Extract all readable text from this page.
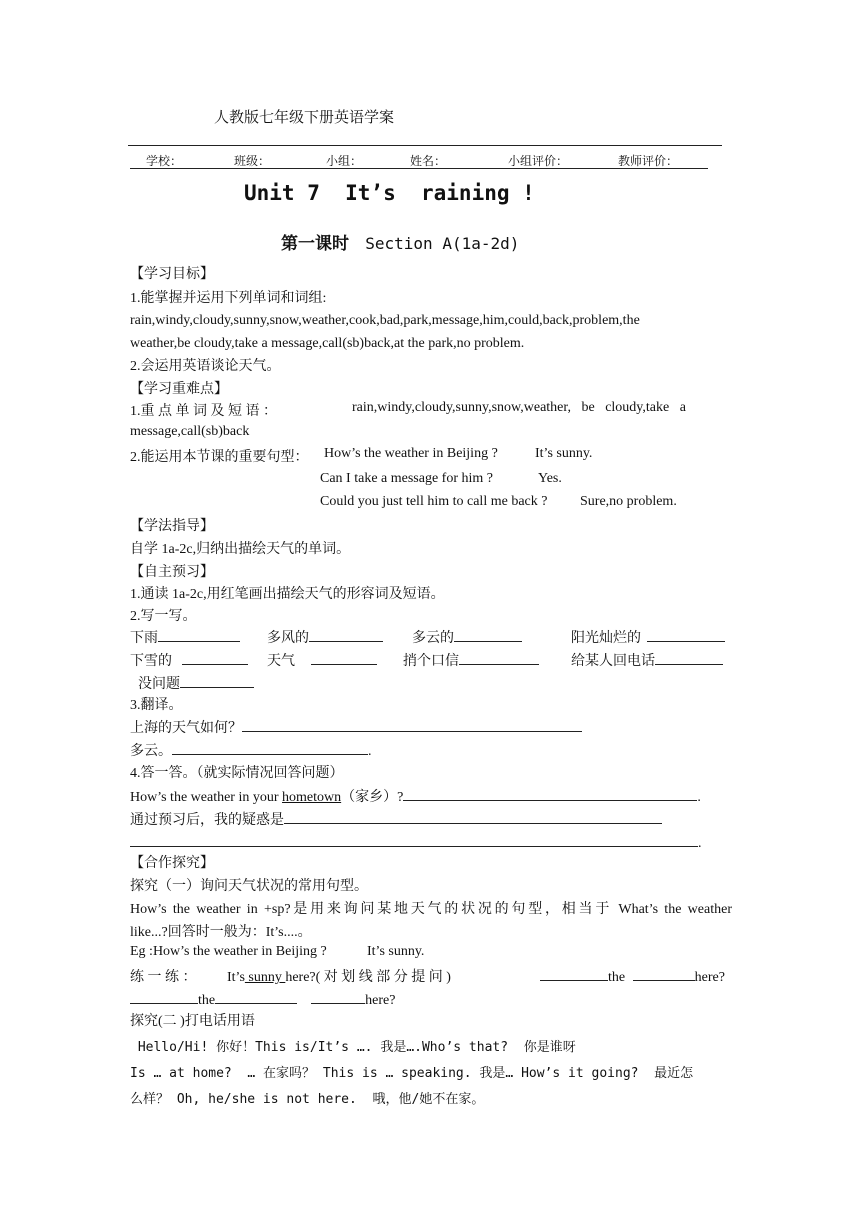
人教版七年级下册英语学案
学校：	班级：	小组：	姓名：	小组评价：	教师评价：
Unit 7  It’s  raining !
第一课时 Section A(1a-2d)
【学习目标】
1.能掌握并运用下列单词和词组:
rain,windy,cloudy,sunny,snow,weather,cook,bad,park,message,him,could,back,problem,the
weather,be cloudy,take a message,call(sb)back,at the park,no problem.
2.会运用英语谈论天气。
【学习重难点】
1.重 点 单 词 及 短 语 ：	rain,windy,cloudy,sunny,snow,weather,   be   cloudy,take   a
message,call(sb)back
2.能运用本节课的重要句型： How’s the weather in Beijing ?	It’s sunny.
Can I take a message for him ?	Yes.
Could you just tell him to call me back ? Sure,no problem.
【学法指导】
自学 1a-2c,归纳出描绘天气的单词。
【自主预习】
1.通读 1a-2c,用红笔画出描绘天气的形容词及短语。
2.写一写。
下雨	多风的	多云的	阳光灿烂的
下雪的	天气	捎个口信	给某人回电话
没问题
3.翻译。
上海的天气如何？
多云。	.
4.答一答。（就实际情况回答问题）
How’s the weather in your hometown（家乡）?	.
通过预习后，我的疑惑是
.
【合作探究】
探究（一）询问天气状况的常用句型。
How’s the weather in +sp?是用来询问某地天气的状况的句型，相当于 What’s the weather
like...?回答时一般为：It’s....。
Eg :How’s the weather in Beijing ?	It’s sunny.
练 一 练 ： It’s sunny here?( 对 划 线 部 分 提 问 )	the	here?
the	here?
探究(二 )打电话用语
Hello/Hi! 你好！This is/It’s …. 我是….Who’s that?  你是谁呀
Is … at home?  … 在家吗？ This is … speaking. 我是… How’s it going?  最近怎
么样？ Oh, he/she is not here.  哦，他/她不在家。
